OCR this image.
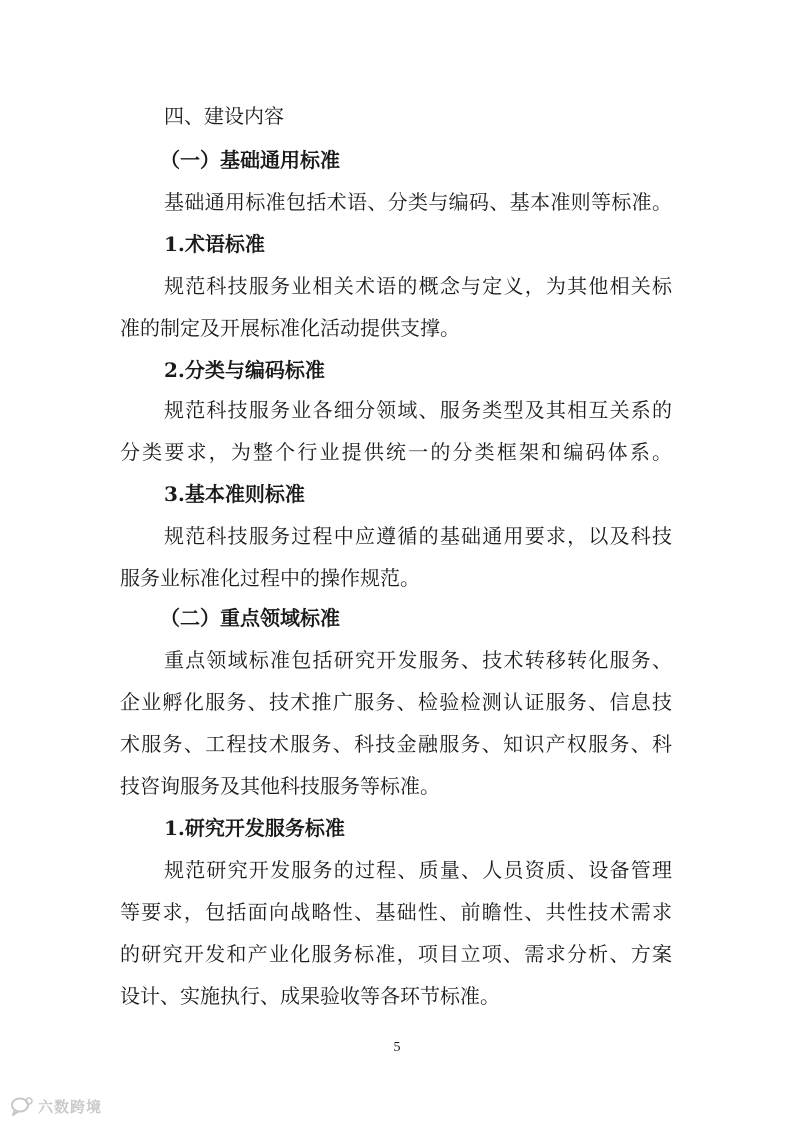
四、建设内容
（一）基础通用标准
基础通用标准包括术语、分类与编码、基本准则等标准。
1.术语标准
规范科技服务业相关术语的概念与定义，为其他相关标
准的制定及开展标准化活动提供支撑。
2.分类与编码标准
规范科技服务业各细分领域、服务类型及其相互关系的
分类要求，为整个行业提供统一的分类框架和编码体系。
3.基本准则标准
规范科技服务过程中应遵循的基础通用要求，以及科技
服务业标准化过程中的操作规范。
（二）重点领域标准
重点领域标准包括研究开发服务、技术转移转化服务、
企业孵化服务、技术推广服务、检验检测认证服务、信息技
术服务、工程技术服务、科技金融服务、知识产权服务、科
技咨询服务及其他科技服务等标准。
1.研究开发服务标准
规范研究开发服务的过程、质量、人员资质、设备管理
等要求，包括面向战略性、基础性、前瞻性、共性技术需求
的研究开发和产业化服务标准，项目立项、需求分析、方案
设计、实施执行、成果验收等各环节标准。
5
六数跨境
